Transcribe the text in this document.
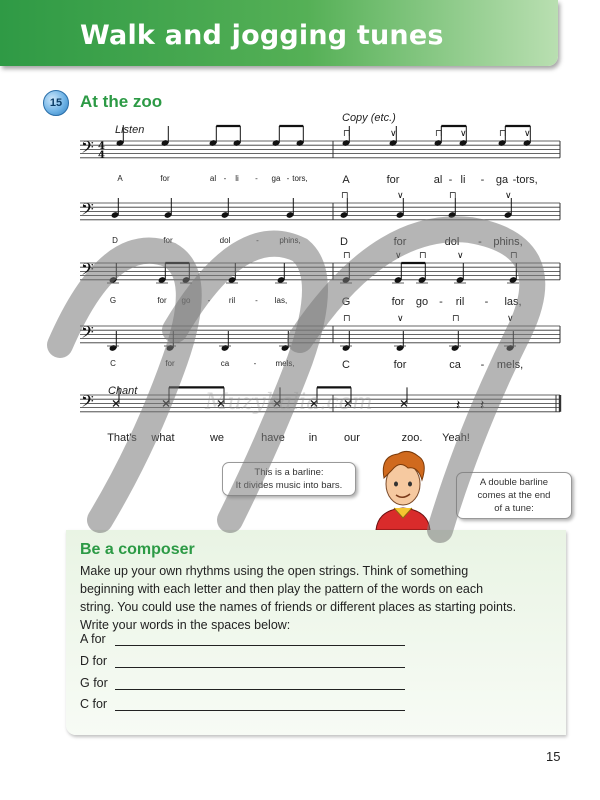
Walk and jogging tunes
15	At the zoo
Copy (etc.)
Listen
Chant
𝄢 4
4
𝄢
𝄢
𝄢
𝄢
⊓	∨	⊓ ∨	⊓ ∨
⊓	∨	⊓	∨
⊓	∨ ⊓	∨	⊓
⊓	∨	⊓	∨
𝄽 𝄽
A	for	al - li - ga - tors,	A	for	al - li - ga - tors,
D	for	dol	-	phins,	D	for	dol - phins,
G	for go - ril	- las,	G	for go - ril - las,
C	for	ca	- mels,	C	for	ca - mels,
That's what	we	have in our	zoo. Yeah!
This is a barline:
It divides music into bars.	A double barline
comes at the end
of a tune:
Be a composer
Make up your own rhythms using the open strings. Think of something
beginning with each letter and then play the pattern of the words on each
string. You could use the names of friends or different places as starting points.
Write your words in the spaces below:
A for
D for
G for
C for
Muzykalia.com
15
